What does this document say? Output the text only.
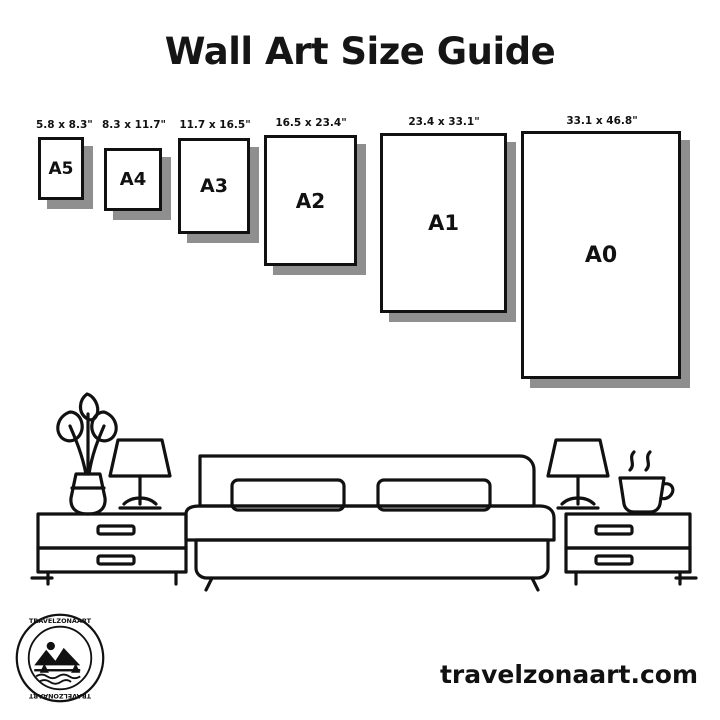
Wall Art Size Guide
A5
5.8 x 8.3"
A4
8.3 x 11.7"
A3
11.7 x 16.5"
A2
16.5 x 23.4"
A1
23.4 x 33.1"
A0
33.1 x 46.8"
TRAVELZONAART
TRAVELZONAART
travelzonaart.com
